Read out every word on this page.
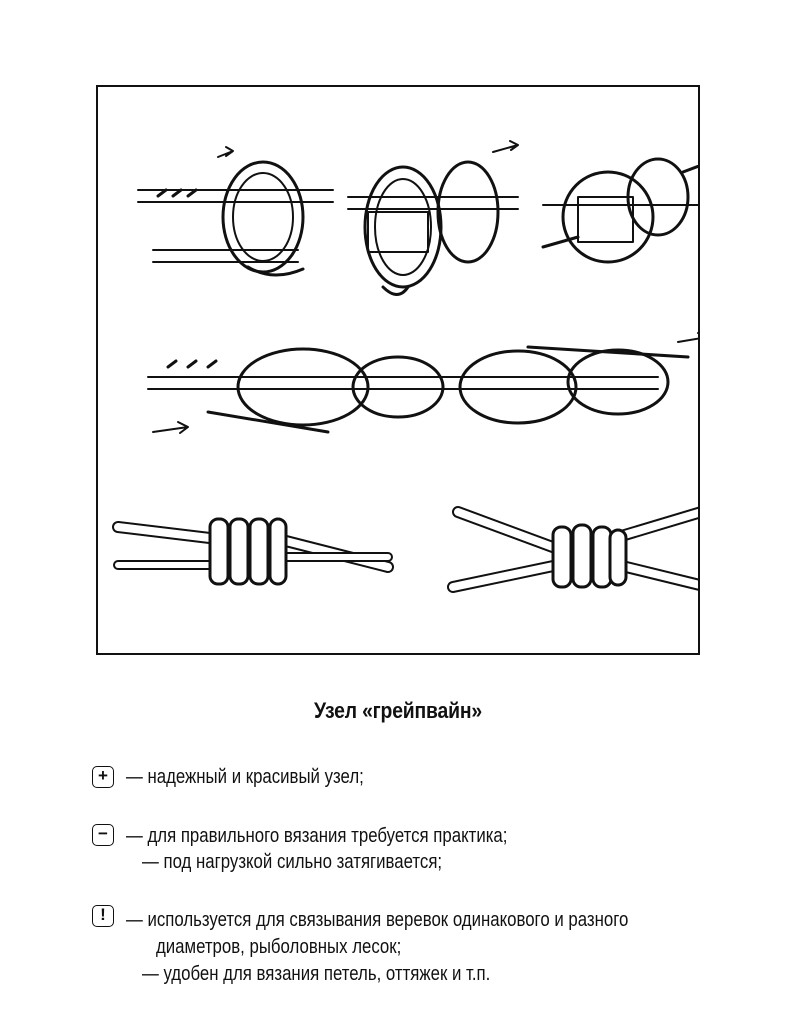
Узел «грейпвайн»
+ — надежный и красивый узел;
− — для правильного вязания требуется практика;
— под нагрузкой сильно затягивается;
!	— используется для связывания веревок одинакового и разного
диаметров, рыболовных лесок;
— удобен для вязания петель, оттяжек и т.п.
